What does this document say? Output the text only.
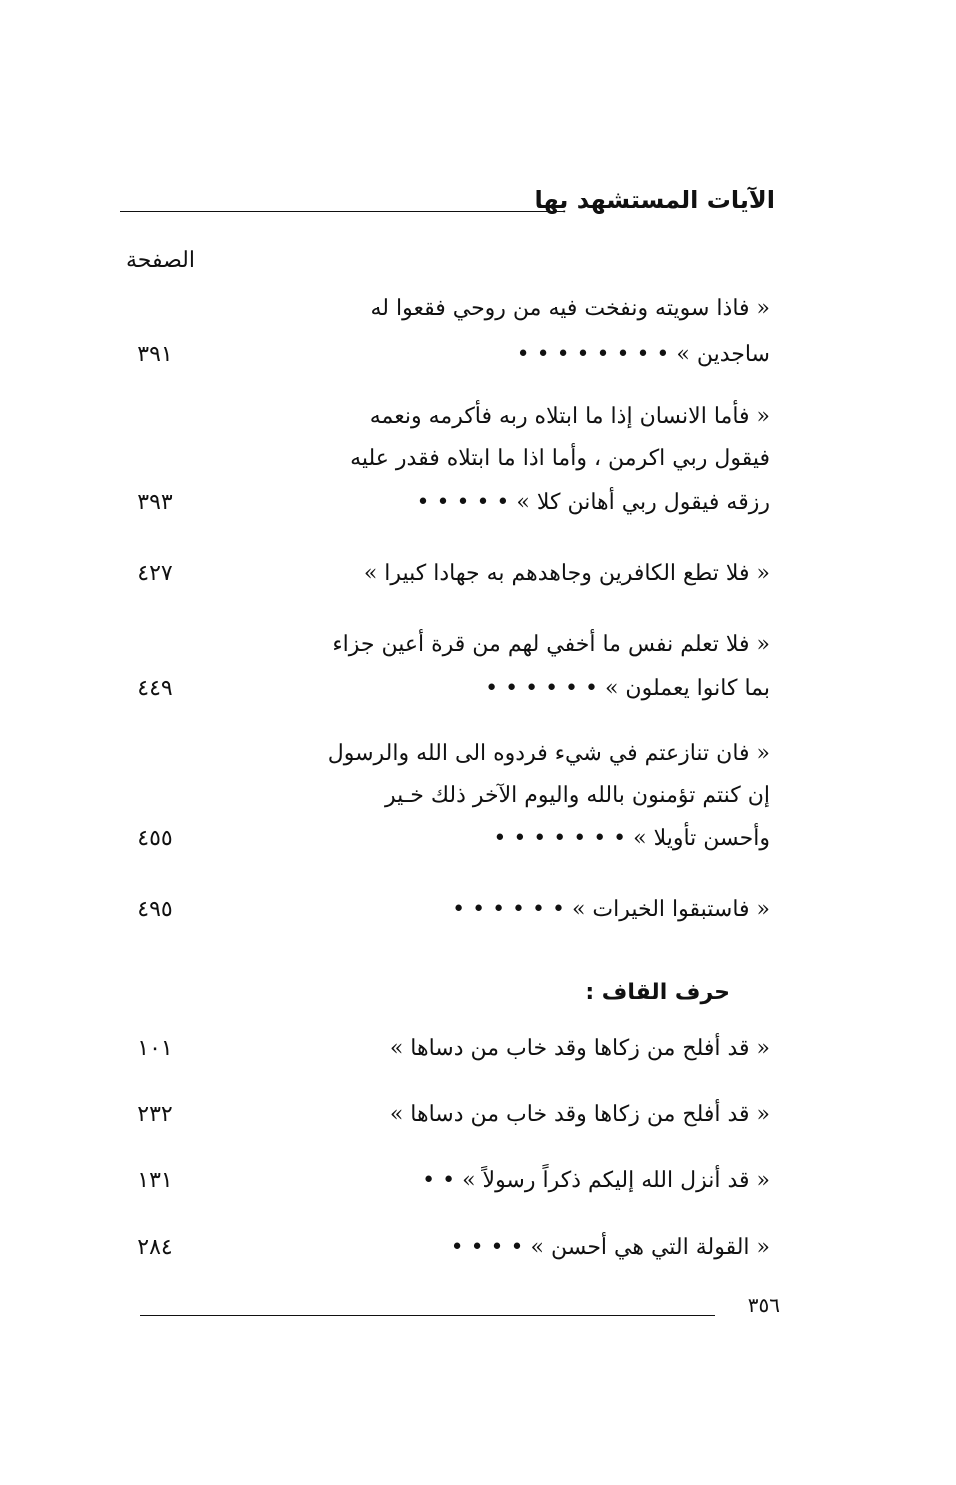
الآيات المستشهد بها
الصفحة
« فاذا سويته ونفخت فيه من روحي فقعوا له
ساجدين » • • • • • • • •
٣٩١
« فأما الانسان إذا ما ابتلاه ربه فأكرمه ونعمه
فيقول ربي اكرمن ، وأما اذا ما ابتلاه فقدر عليه
رزقه فيقول ربي أهانن كلا » • • • • •
٣٩٣
« فلا تطع الكافرين وجاهدهم به جهادا كبيرا »
٤٢٧
« فلا تعلم نفس ما أخفي لهم من قرة أعين جزاء
بما كانوا يعملون » • • • • • •
٤٤٩
« فان تنازعتم في شيء فردوه الى الله والرسول
إن كنتم تؤمنون بالله واليوم الآخر ذلك خـير
وأحسن تأويلا » • • • • • • •
٤٥٥
« فاستبقوا الخيرات » • • • • • •
٤٩٥
حرف القاف :
« قد أفلح من زكاها وقد خاب من دساها »
١٠١
« قد أفلح من زكاها وقد خاب من دساها »
٢٣٢
« قد أنزل الله إليكم ذكراً رسولاً » • •
١٣١
« القولة التي هي أحسن » • • • •
٢٨٤
٣٥٦
